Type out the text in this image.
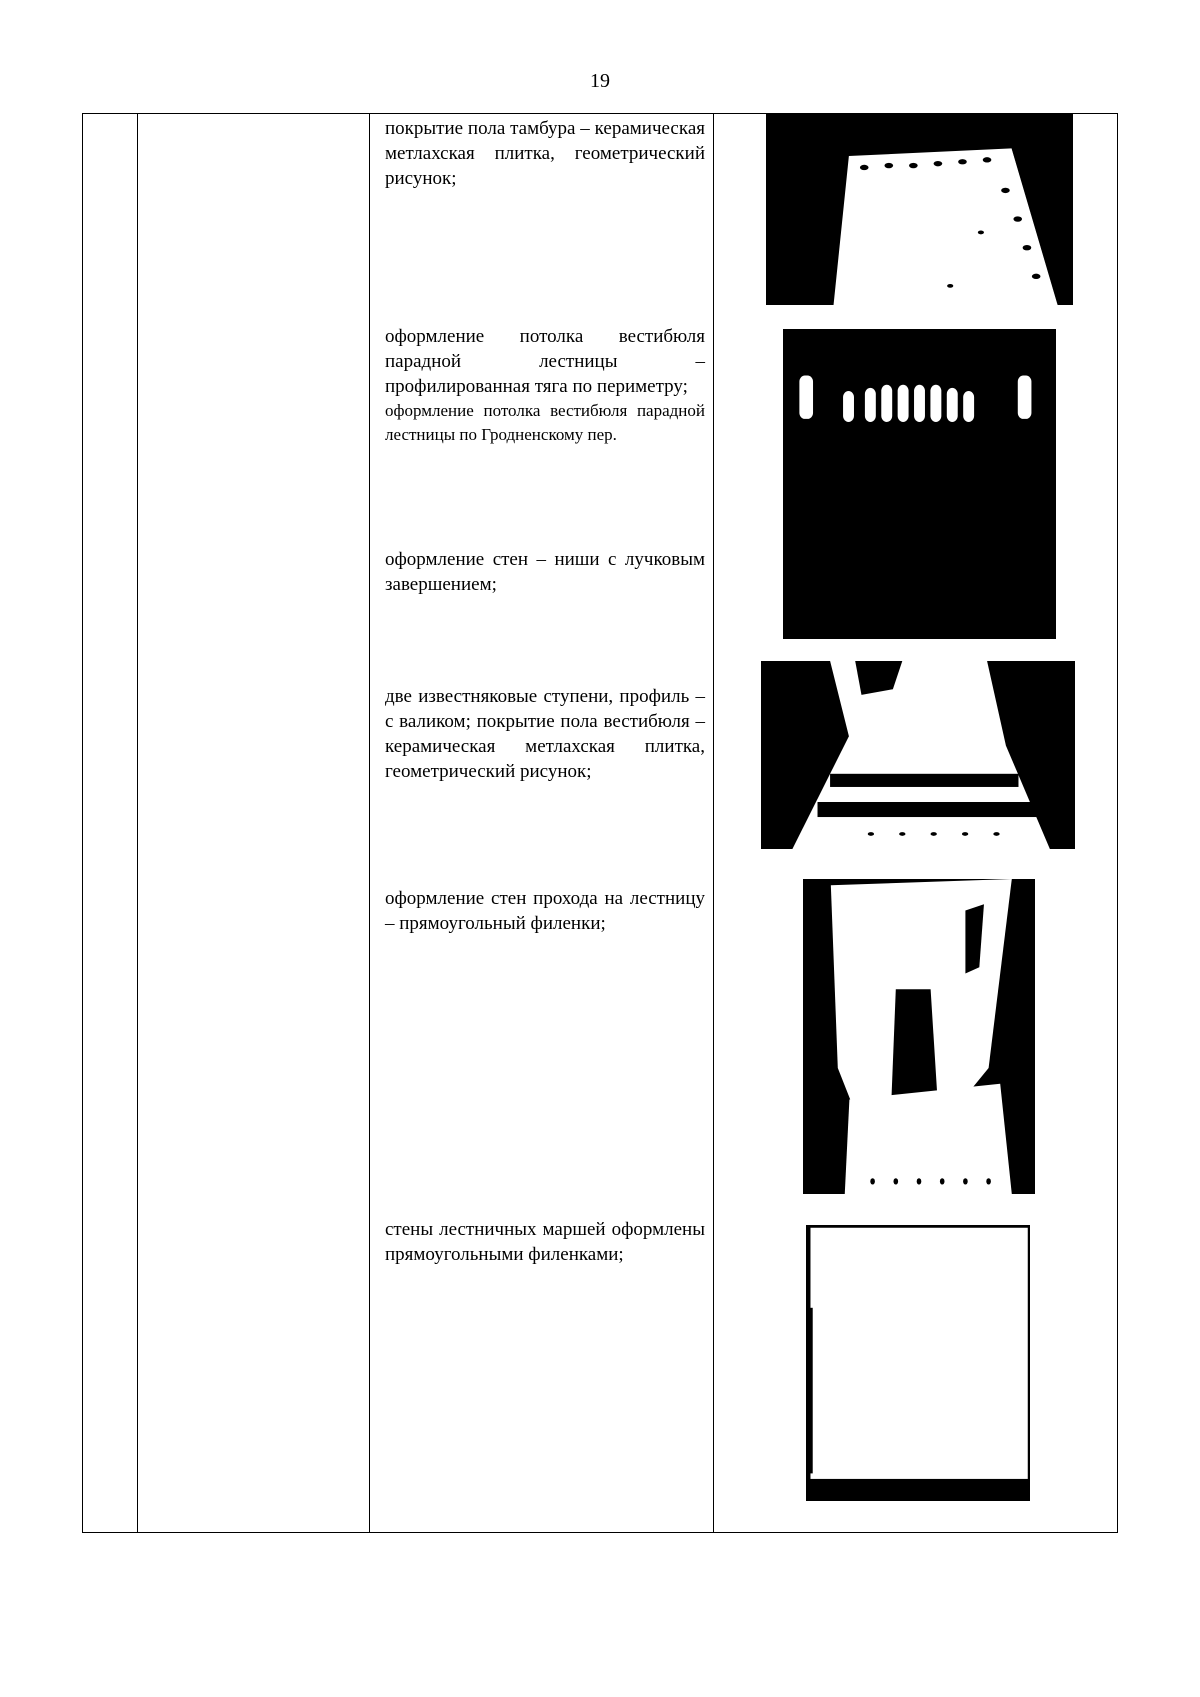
19

покрытие пола тамбура – керамическая метлахская плитка, геометрический рисунок;

оформление потолка вестибюля парадной лестницы – профилированная тяга по периметру;

оформление потолка вестибюля парадной лестницы по Гродненскому пер.

оформление стен – ниши с лучковым завершением;

две известняковые ступени, профиль – с валиком; покрытие пола вестибюля – керамическая метлахская плитка, геометрический рисунок;

оформление стен прохода на лестницу – прямоугольный филенки;

стены лестничных маршей оформлены прямоугольными филенками;
